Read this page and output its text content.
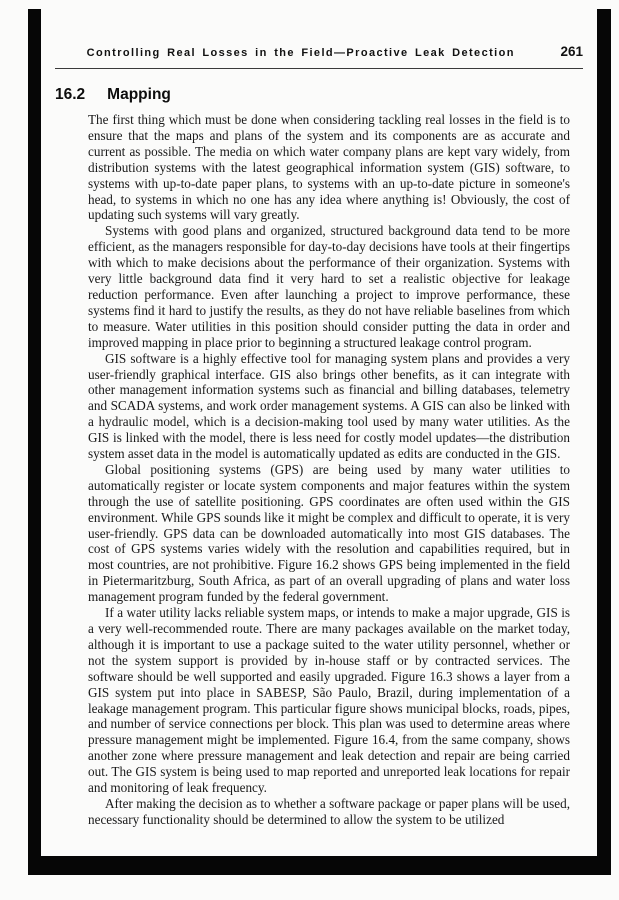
Controlling Real Losses in the Field—Proactive Leak Detection	261
16.2 Mapping

The first thing which must be done when considering tackling real losses in the field is to ensure that the maps and plans of the system and its components are as accurate and current as possible. The media on which water company plans are kept vary widely, from distribution systems with the latest geographical information system (GIS) software, to systems with up-to-date paper plans, to systems with an up-to-date picture in someone's head, to systems in which no one has any idea where anything is! Obviously, the cost of updating such systems will vary greatly.

Systems with good plans and organized, structured background data tend to be more efficient, as the managers responsible for day-to-day decisions have tools at their fingertips with which to make decisions about the performance of their organization. Systems with very little background data find it very hard to set a realistic objective for leakage reduction performance. Even after launching a project to improve performance, these systems find it hard to justify the results, as they do not have reliable baselines from which to measure. Water utilities in this position should consider putting the data in order and improved mapping in place prior to beginning a structured leakage control program.

GIS software is a highly effective tool for managing system plans and provides a very user-friendly graphical interface. GIS also brings other benefits, as it can integrate with other management information systems such as financial and billing databases, telemetry and SCADA systems, and work order management systems. A GIS can also be linked with a hydraulic model, which is a decision-making tool used by many water utilities. As the GIS is linked with the model, there is less need for costly model updates—the distribution system asset data in the model is automatically updated as edits are conducted in the GIS.

Global positioning systems (GPS) are being used by many water utilities to automatically register or locate system components and major features within the system through the use of satellite positioning. GPS coordinates are often used within the GIS environment. While GPS sounds like it might be complex and difficult to operate, it is very user-friendly. GPS data can be downloaded automatically into most GIS databases. The cost of GPS systems varies widely with the resolution and capabilities required, but in most countries, are not prohibitive. Figure 16.2 shows GPS being implemented in the field in Pietermaritzburg, South Africa, as part of an overall upgrading of plans and water loss management program funded by the federal government.

If a water utility lacks reliable system maps, or intends to make a major upgrade, GIS is a very well-recommended route. There are many packages available on the market today, although it is important to use a package suited to the water utility personnel, whether or not the system support is provided by in-house staff or by contracted services. The software should be well supported and easily upgraded. Figure 16.3 shows a layer from a GIS system put into place in SABESP, São Paulo, Brazil, during implementation of a leakage management program. This particular figure shows municipal blocks, roads, pipes, and number of service connections per block. This plan was used to determine areas where pressure management might be implemented. Figure 16.4, from the same company, shows another zone where pressure management and leak detection and repair are being carried out. The GIS system is being used to map reported and unreported leak locations for repair and monitoring of leak frequency.

After making the decision as to whether a software package or paper plans will be used, necessary functionality should be determined to allow the system to be utilized
